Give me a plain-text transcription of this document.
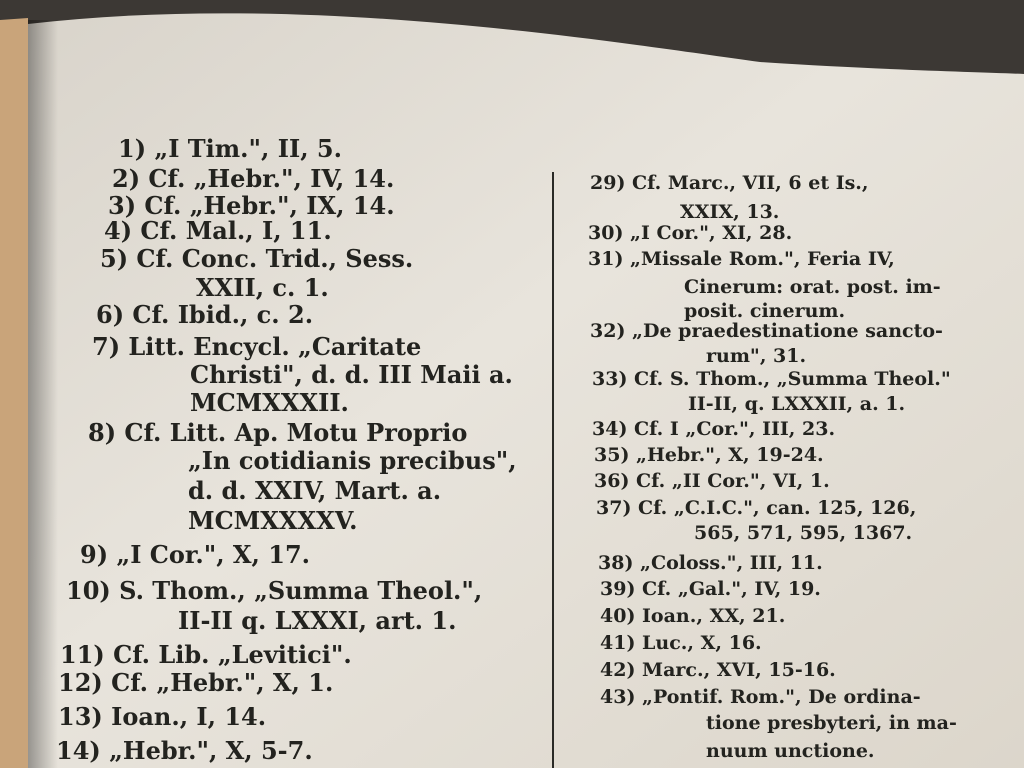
1) „I Tim.", II, 5.
2) Cf. „Hebr.", IV, 14.
3) Cf. „Hebr.", IX, 14.
4) Cf. Mal., I, 11.
5) Cf. Conc. Trid., Sess.
XXII, c. 1.
6) Cf. Ibid., c. 2.
7) Litt. Encycl. „Caritate
Christi", d. d. III Maii a.
MCMXXXII.
8) Cf. Litt. Ap. Motu Proprio
„In cotidianis precibus",
d. d. XXIV, Mart. a.
MCMXXXXV.
9) „I Cor.", X, 17.
10) S. Thom., „Summa Theol.",
II-II q. LXXXI, art. 1.
11) Cf. Lib. „Levitici".
12) Cf. „Hebr.", X, 1.
13) Ioan., I, 14.
14) „Hebr.", X, 5-7.
29) Cf. Marc., VII, 6 et Is.,
XXIX, 13.
30) „I Cor.", XI, 28.
31) „Missale Rom.", Feria IV,
Cinerum: orat. post. im-
posit. cinerum.
32) „De praedestinatione sancto-
rum", 31.
33) Cf. S. Thom., „Summa Theol."
II-II, q. LXXXII, a. 1.
34) Cf. I „Cor.", III, 23.
35) „Hebr.", X, 19-24.
36) Cf. „II Cor.", VI, 1.
37) Cf. „C.I.C.", can. 125, 126,
565, 571, 595, 1367.
38) „Coloss.", III, 11.
39) Cf. „Gal.", IV, 19.
40) Ioan., XX, 21.
41) Luc., X, 16.
42) Marc., XVI, 15-16.
43) „Pontif. Rom.", De ordina-
tione presbyteri, in ma-
nuum unctione.
